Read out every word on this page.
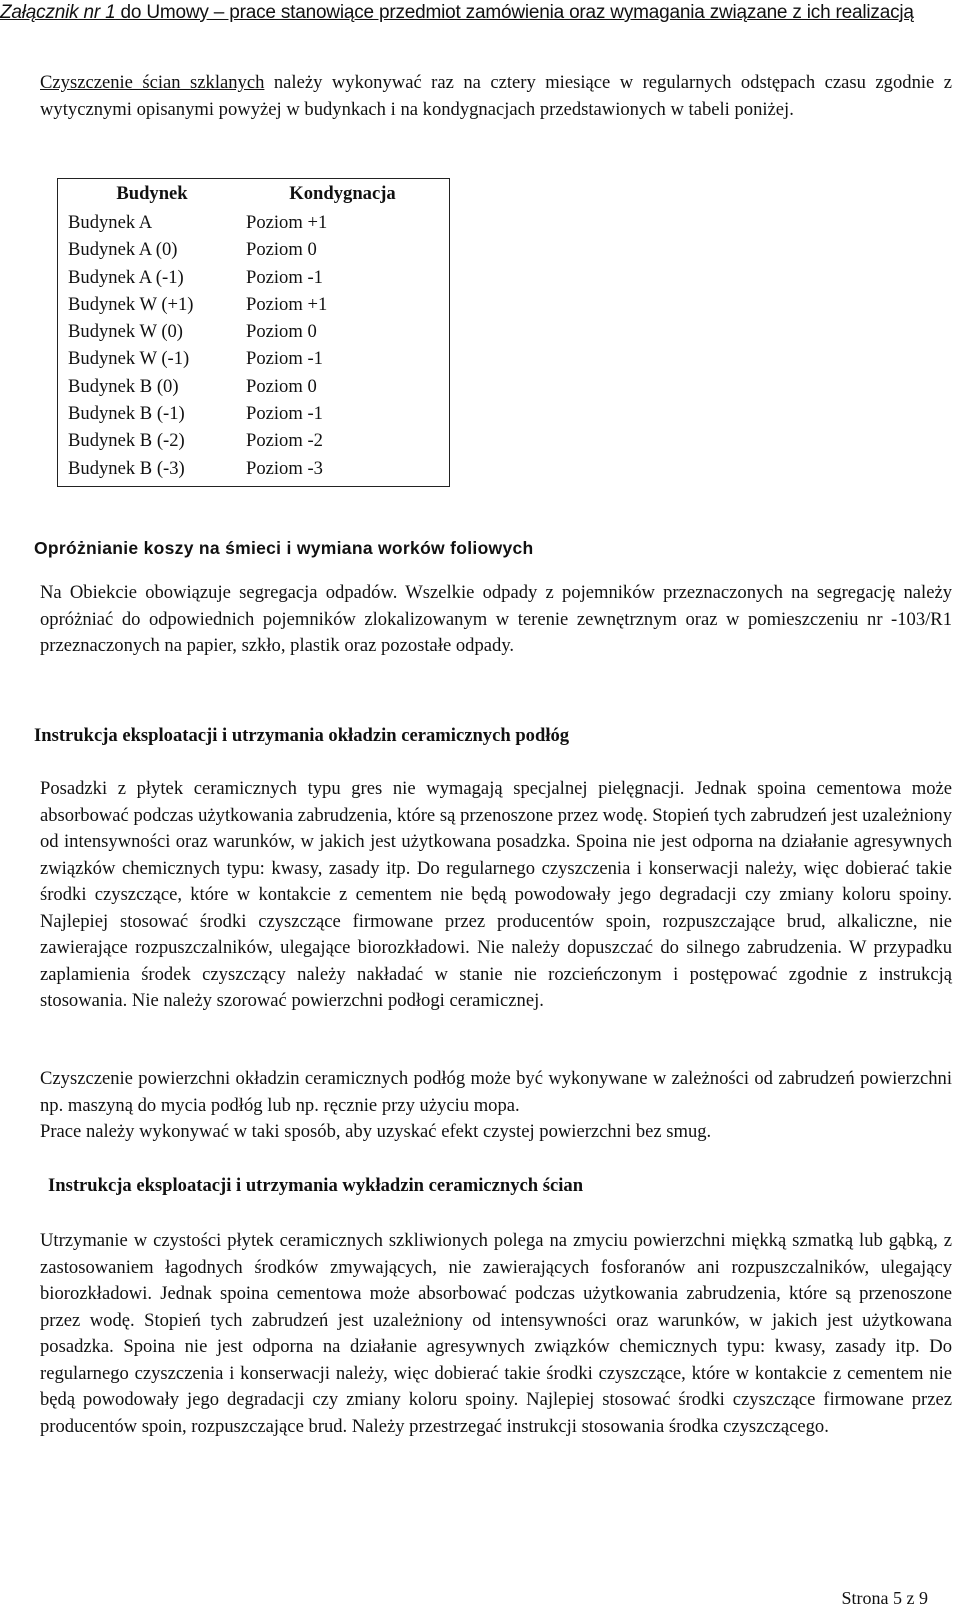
Załącznik nr 1 do Umowy – prace stanowiące przedmiot zamówienia oraz wymagania związane z ich realizacją

Czyszczenie ścian szklanych należy wykonywać raz na cztery miesiące w regularnych odstępach czasu zgodnie z wytycznymi opisanymi powyżej w budynkach i na kondygnacjach przedstawionych w tabeli poniżej.

Budynek	Kondygnacja
Budynek A	Poziom +1
Budynek A (0)	Poziom 0
Budynek A (-1)	Poziom -1
Budynek W (+1)	Poziom +1
Budynek W (0)	Poziom 0
Budynek W (-1)	Poziom -1
Budynek B (0)	Poziom 0
Budynek B (-1)	Poziom -1
Budynek B (-2)	Poziom -2
Budynek B (-3)	Poziom -3
Opróżnianie koszy na śmieci i wymiana worków foliowych

Na Obiekcie obowiązuje segregacja odpadów. Wszelkie odpady z pojemników przeznaczonych na segregację należy opróżniać do odpowiednich pojemników zlokalizowanym w terenie zewnętrznym oraz w pomieszczeniu nr -103/R1 przeznaczonych na papier, szkło, plastik oraz pozostałe odpady.

Instrukcja eksploatacji i utrzymania okładzin ceramicznych podłóg

Posadzki z płytek ceramicznych typu gres nie wymagają specjalnej pielęgnacji. Jednak spoina cementowa może absorbować podczas użytkowania zabrudzenia, które są przenoszone przez wodę. Stopień tych zabrudzeń jest uzależniony od intensywności oraz warunków, w jakich jest użytkowana posadzka. Spoina nie jest odporna na działanie agresywnych związków chemicznych typu: kwasy, zasady itp. Do regularnego czyszczenia i konserwacji należy, więc dobierać takie środki czyszczące, które w kontakcie z cementem nie będą powodowały jego degradacji czy zmiany koloru spoiny. Najlepiej stosować środki czyszczące firmowane przez producentów spoin, rozpuszczające brud, alkaliczne, nie zawierające rozpuszczalników, ulegające biorozkładowi. Nie należy dopuszczać do silnego zabrudzenia. W przypadku zaplamienia środek czyszczący należy nakładać w stanie nie rozcieńczonym i postępować zgodnie z instrukcją stosowania. Nie należy szorować powierzchni podłogi ceramicznej.

Czyszczenie powierzchni okładzin ceramicznych podłóg może być wykonywane w zależności od zabrudzeń powierzchni np. maszyną do mycia podłóg lub np. ręcznie przy użyciu mopa.

Prace należy wykonywać w taki sposób, aby uzyskać efekt czystej powierzchni bez smug.

Instrukcja eksploatacji i utrzymania wykładzin ceramicznych ścian

Utrzymanie w czystości płytek ceramicznych szkliwionych polega na zmyciu powierzchni miękką szmatką lub gąbką, z zastosowaniem łagodnych środków zmywających, nie zawierających fosforanów ani rozpuszczalników, ulegający biorozkładowi. Jednak spoina cementowa może absorbować podczas użytkowania zabrudzenia, które są przenoszone przez wodę. Stopień tych zabrudzeń jest uzależniony od intensywności oraz warunków, w jakich jest użytkowana posadzka. Spoina nie jest odporna na działanie agresywnych związków chemicznych typu: kwasy, zasady itp. Do regularnego czyszczenia i konserwacji należy, więc dobierać takie środki czyszczące, które w kontakcie z cementem nie będą powodowały jego degradacji czy zmiany koloru spoiny. Najlepiej stosować środki czyszczące firmowane przez producentów spoin, rozpuszczające brud. Należy przestrzegać instrukcji stosowania środka czyszczącego.

Strona 5 z 9
